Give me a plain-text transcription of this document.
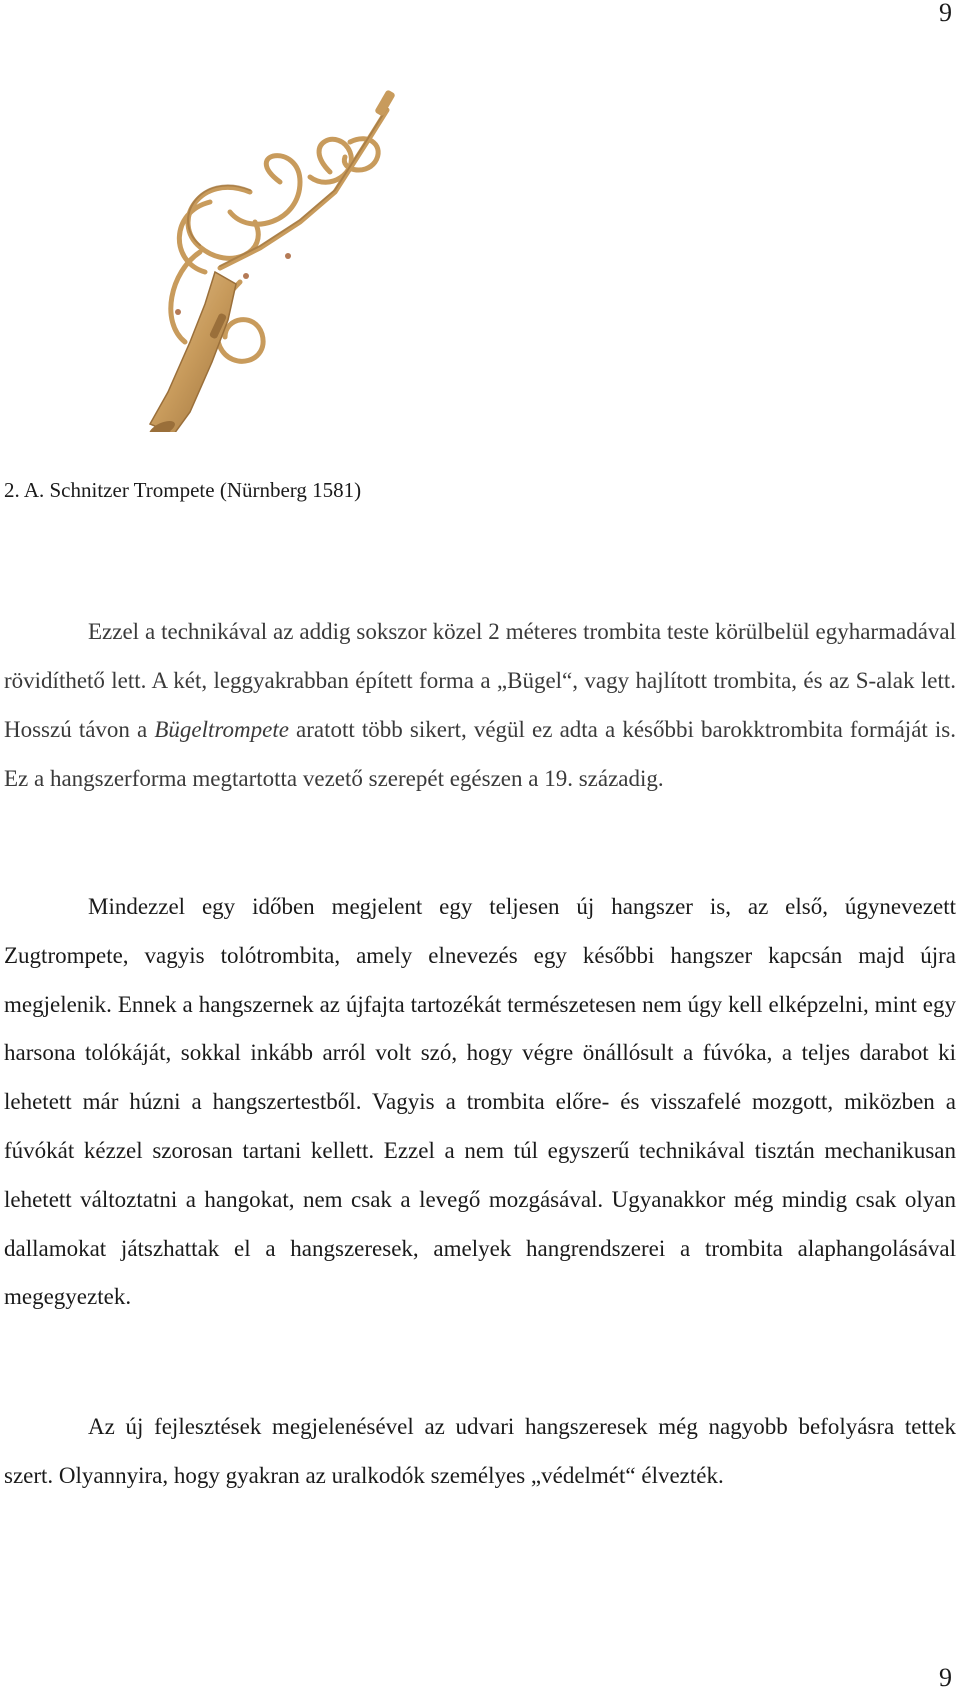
9
2. A. Schnitzer Trompete (Nürnberg 1581)

Ezzel a technikával az addig sokszor közel 2 méteres trombita teste körülbelül egyharmadával rövidíthető lett. A két, leggyakrabban épített forma a „Bügel“, vagy hajlított trombita, és az S-alak lett. Hosszú távon a Bügeltrompete aratott több sikert, végül ez adta a későbbi barokktrombita formáját is. Ez a hangszerforma megtartotta vezető szerepét egészen a 19. századig.

Mindezzel egy időben megjelent egy teljesen új hangszer is, az első, úgynevezett Zugtrompete, vagyis tolótrombita, amely elnevezés egy későbbi hangszer kapcsán majd újra megjelenik. Ennek a hangszernek az újfajta tartozékát természetesen nem úgy kell elképzelni, mint egy harsona tolókáját, sokkal inkább arról volt szó, hogy végre önállósult a fúvóka, a teljes darabot ki lehetett már húzni a hangszertestből. Vagyis a trombita előre- és visszafelé mozgott, miközben a fúvókát kézzel szorosan tartani kellett. Ezzel a nem túl egyszerű technikával tisztán mechanikusan lehetett változtatni a hangokat, nem csak a levegő mozgásával. Ugyanakkor még mindig csak olyan dallamokat játszhattak el a hangszeresek, amelyek hangrendszerei a trombita alaphangolásával megegyeztek.

Az új fejlesztések megjelenésével az udvari hangszeresek még nagyobb befolyásra tettek szert. Olyannyira, hogy gyakran az uralkodók személyes „védelmét“ élvezték.

9
